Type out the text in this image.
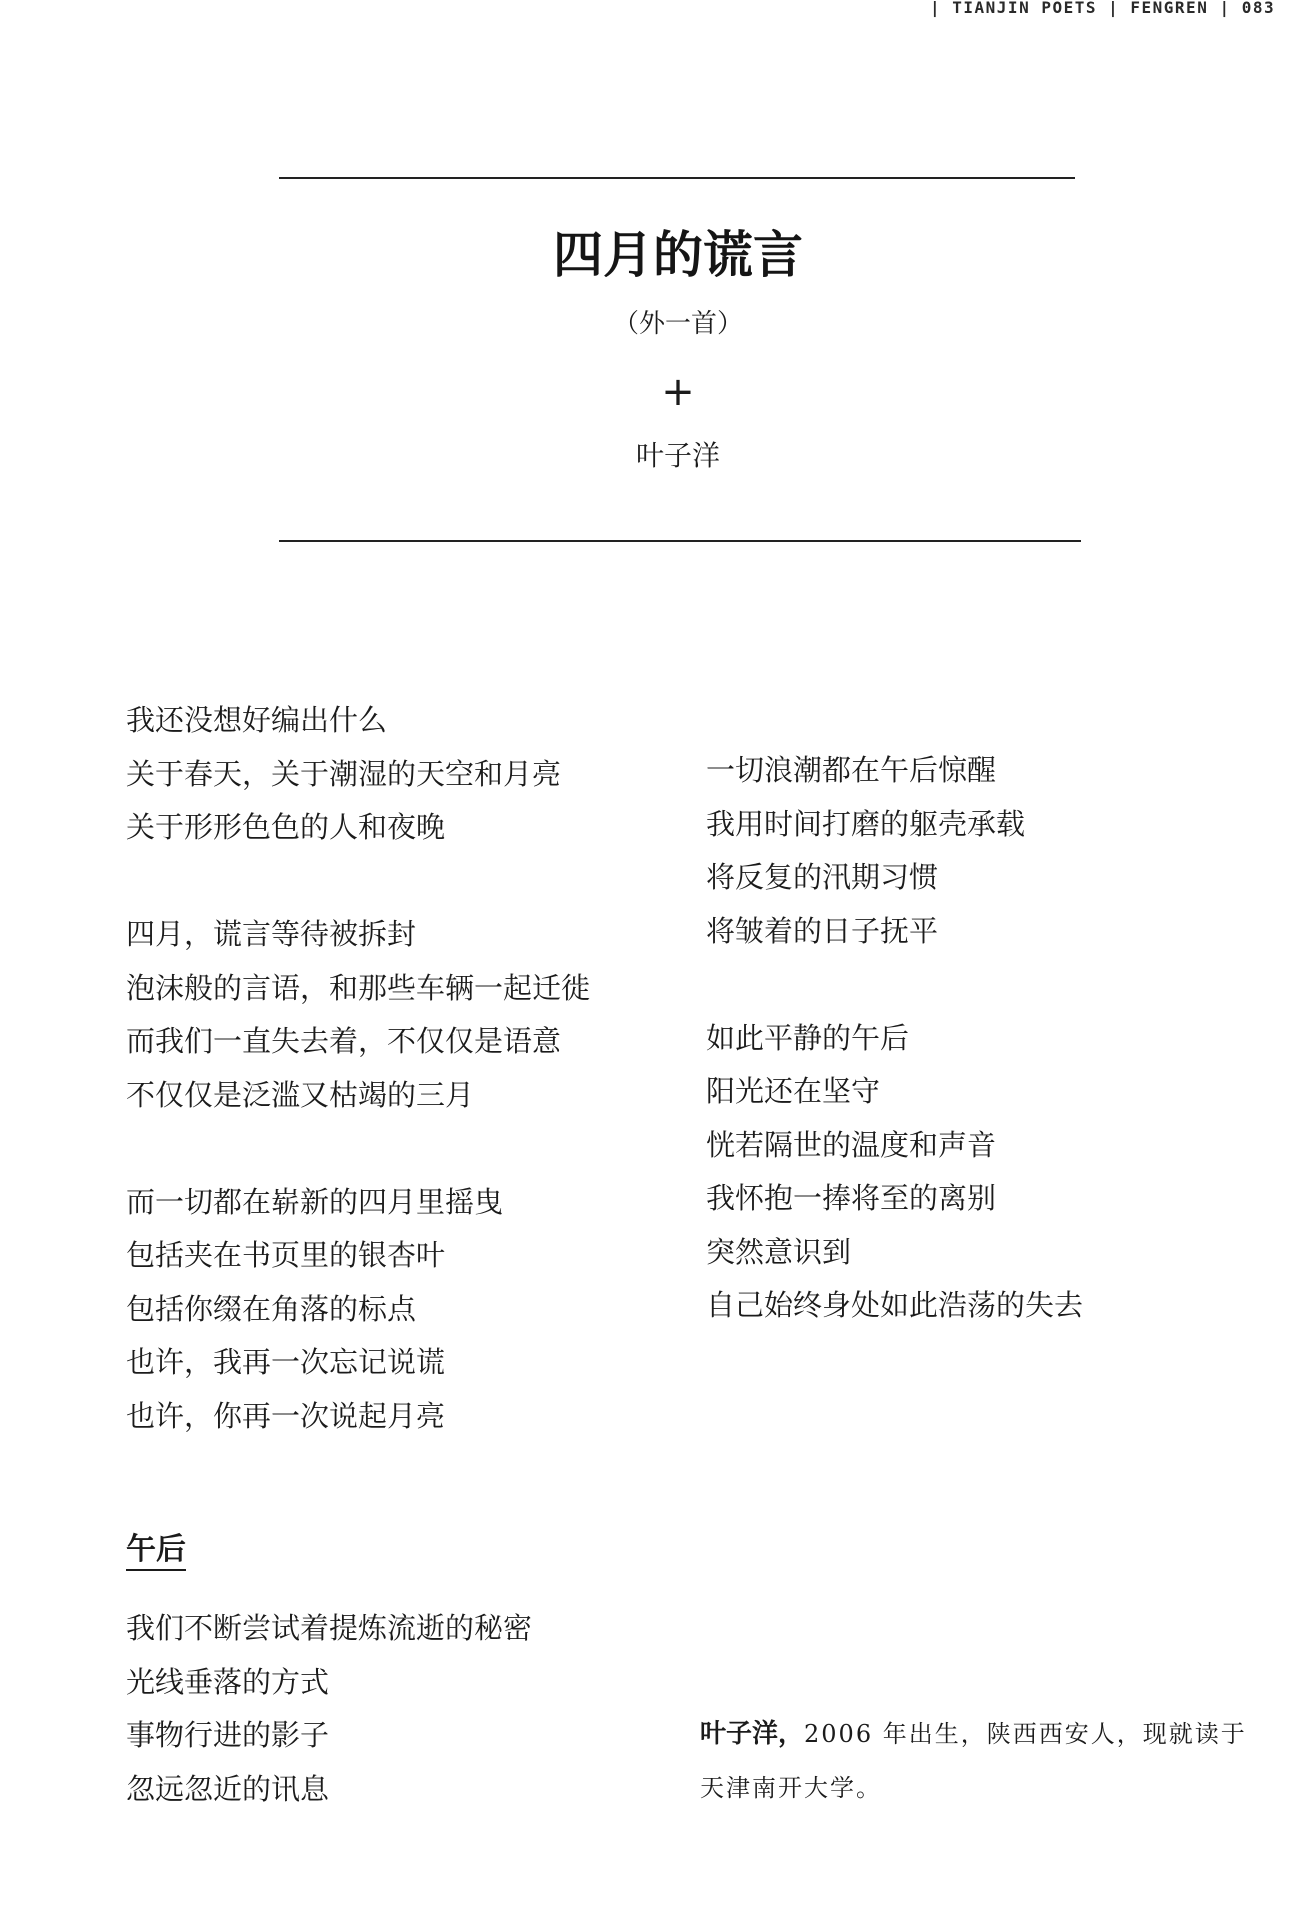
| TIANJIN POETS | FENGREN | 083
四月的谎言
（外一首）
+
叶子洋
我还没想好编出什么
关于春天，关于潮湿的天空和月亮
关于形形色色的人和夜晚
四月，谎言等待被拆封
泡沫般的言语，和那些车辆一起迁徙
而我们一直失去着，不仅仅是语意
不仅仅是泛滥又枯竭的三月
而一切都在崭新的四月里摇曳
包括夹在书页里的银杏叶
包括你缀在角落的标点
也许，我再一次忘记说谎
也许，你再一次说起月亮
一切浪潮都在午后惊醒
我用时间打磨的躯壳承载
将反复的汛期习惯
将皱着的日子抚平
如此平静的午后
阳光还在坚守
恍若隔世的温度和声音
我怀抱一捧将至的离别
突然意识到
自己始终身处如此浩荡的失去
午后
我们不断尝试着提炼流逝的秘密
光线垂落的方式
事物行进的影子
忽远忽近的讯息
叶子洋，2006 年出生，陕西西安人，现就读于
天津南开大学。
